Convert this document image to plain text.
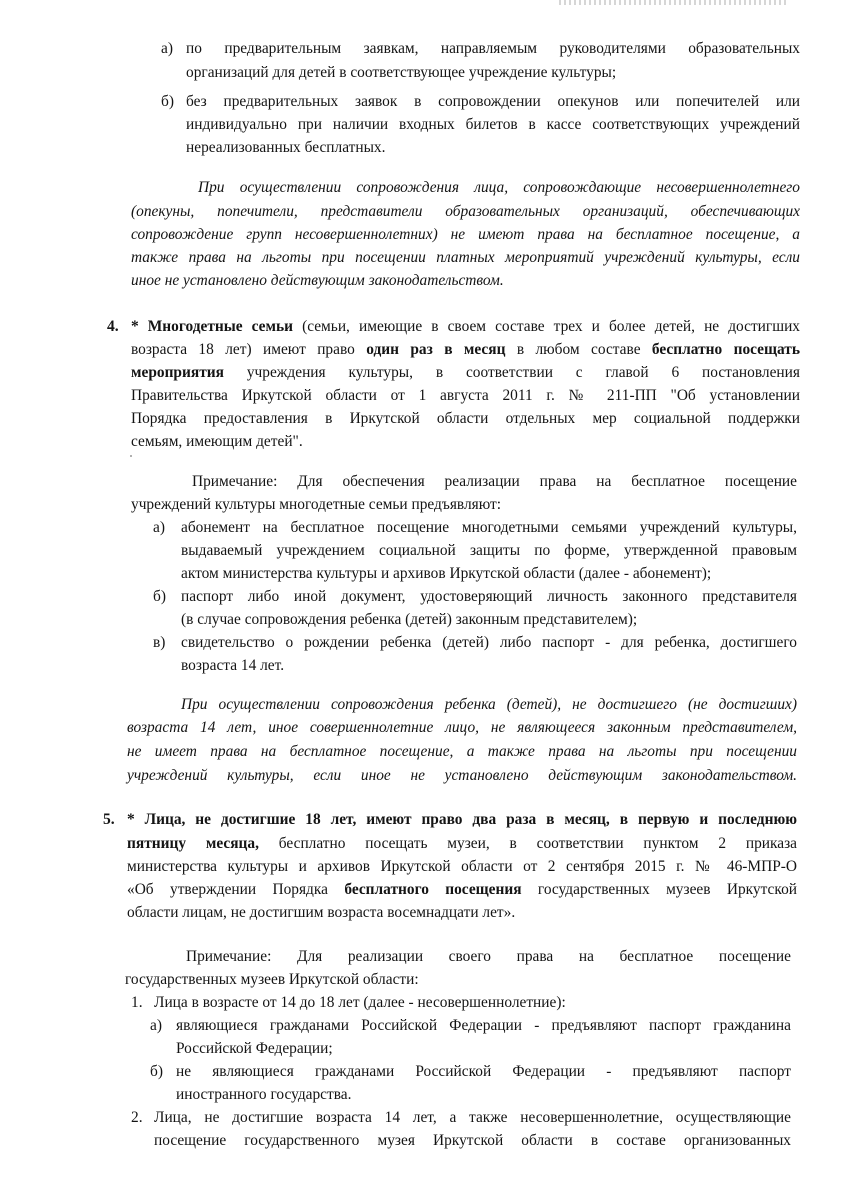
а) по предварительным заявкам, направляемым руководителями образовательных
организаций для детей в соответствующее учреждение культуры;
б) без предварительных заявок в сопровождении опекунов или попечителей или
индивидуально при наличии входных билетов в кассе соответствующих учреждений
нереализованных бесплатных.
При осуществлении сопровождения лица, сопровождающие несовершеннолетнего
(опекуны, попечители, представители образовательных организаций, обеспечивающих
сопровождение групп несовершеннолетних) не имеют права на бесплатное посещение, а
также права на льготы при посещении платных мероприятий учреждений культуры, если
иное не установлено действующим законодательством.
4. * Многодетные семьи (семьи, имеющие в своем составе трех и более детей, не достигших
возраста 18 лет) имеют право один раз в месяц в любом составе бесплатно посещать
мероприятия учреждения культуры, в соответствии с главой 6 постановления
Правительства Иркутской области от 1 августа 2011 г. № 211-ПП "Об установлении
Порядка предоставления в Иркутской области отдельных мер социальной поддержки
семьям, имеющим детей".
Примечание: Для обеспечения реализации права на бесплатное посещение
учреждений культуры многодетные семьи предъявляют:
а) абонемент на бесплатное посещение многодетными семьями учреждений культуры,
выдаваемый учреждением социальной защиты по форме, утвержденной правовым
актом министерства культуры и архивов Иркутской области (далее - абонемент);
б) паспорт либо иной документ, удостоверяющий личность законного представителя
(в случае сопровождения ребенка (детей) законным представителем);
в) свидетельство о рождении ребенка (детей) либо паспорт - для ребенка, достигшего
возраста 14 лет.
При осуществлении сопровождения ребенка (детей), не достигшего (не достигших)
возраста 14 лет, иное совершеннолетние лицо, не являющееся законным представителем,
не имеет права на бесплатное посещение, а также права на льготы при посещении
учреждений культуры, если иное не установлено действующим законодательством.
5. * Лица, не достигшие 18 лет, имеют право два раза в месяц, в первую и последнюю
пятницу месяца, бесплатно посещать музеи, в соответствии пунктом 2 приказа
министерства культуры и архивов Иркутской области от 2 сентября 2015 г. № 46-МПР-О
«Об утверждении Порядка бесплатного посещения государственных музеев Иркутской
области лицам, не достигшим возраста восемнадцати лет».
Примечание: Для реализации своего права на бесплатное посещение
государственных музеев Иркутской области:
1. Лица в возрасте от 14 до 18 лет (далее - несовершеннолетние):
а) являющиеся гражданами Российской Федерации - предъявляют паспорт гражданина
Российской Федерации;
б) не являющиеся гражданами Российской Федерации - предъявляют паспорт
иностранного государства.
2. Лица, не достигшие возраста 14 лет, а также несовершеннолетние, осуществляющие
посещение государственного музея Иркутской области в составе организованных
